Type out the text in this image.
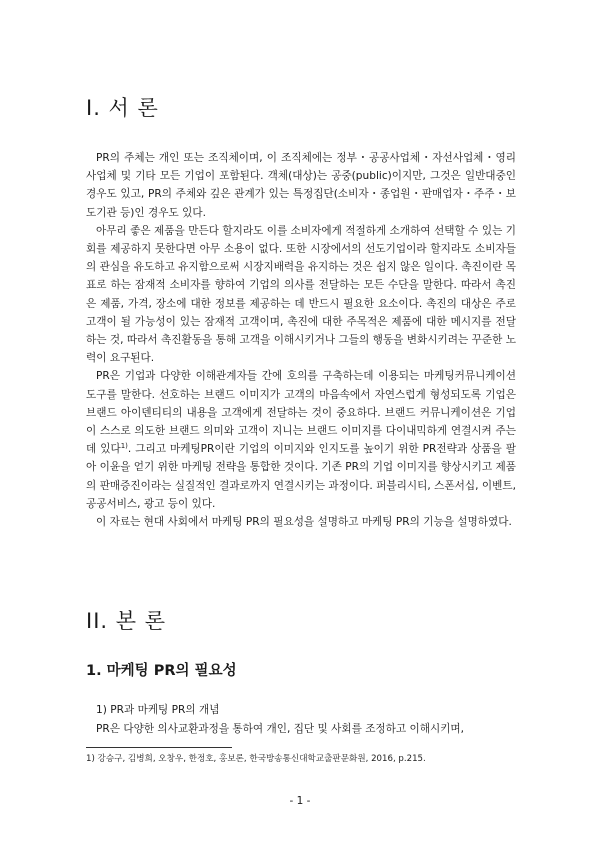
I. 서 론

PR의 주체는 개인 또는 조직체이며, 이 조직체에는 정부・공공사업체・자선사업체・영리사업체 및 기타 모든 기업이 포함된다. 객체(대상)는 공중(public)이지만, 그것은 일반대중인 경우도 있고, PR의 주체와 깊은 관계가 있는 특정집단(소비자・종업원・판매업자・주주・보도기관 등)인 경우도 있다.

아무리 좋은 제품을 만든다 할지라도 이를 소비자에게 적절하게 소개하여 선택할 수 있는 기회를 제공하지 못한다면 아무 소용이 없다. 또한 시장에서의 선도기업이라 할지라도 소비자들의 관심을 유도하고 유지함으로써 시장지배력을 유지하는 것은 쉽지 않은 일이다. 촉진이란 목표로 하는 잠재적 소비자를 향하여 기업의 의사를 전달하는 모든 수단을 말한다. 따라서 촉진은 제품, 가격, 장소에 대한 정보를 제공하는 데 반드시 필요한 요소이다. 촉진의 대상은 주로 고객이 될 가능성이 있는 잠재적 고객이며, 촉진에 대한 주목적은 제품에 대한 메시지를 전달하는 것, 따라서 촉진활동을 통해 고객을 이해시키거나 그들의 행동을 변화시키려는 꾸준한 노력이 요구된다.

PR은 기업과 다양한 이해관계자들 간에 호의를 구축하는데 이용되는 마케팅커뮤니케이션 도구를 말한다. 선호하는 브랜드 이미지가 고객의 마음속에서 자연스럽게 형성되도록 기업은 브랜드 아이덴티티의 내용을 고객에게 전달하는 것이 중요하다. 브랜드 커뮤니케이션은 기업이 스스로 의도한 브랜드 의미와 고객이 지니는 브랜드 이미지를 다이내믹하게 연결시켜 주는 데 있다$^{1)}$. 그리고 마케팅PR이란 기업의 이미지와 인지도를 높이기 위한 PR전략과 상품을 팔아 이윤을 얻기 위한 마케팅 전략을 통합한 것이다. 기존 PR의 기업 이미지를 향상시키고 제품의 판매증진이라는 실질적인 결과로까지 연결시키는 과정이다. 퍼블리시티, 스폰서십, 이벤트, 공공서비스, 광고 등이 있다.

이 자료는 현대 사회에서 마케팅 PR의 필요성을 설명하고 마케팅 PR의 기능을 설명하였다.

II. 본 론
1. 마케팅 PR의 필요성
1) PR과 마케팅 PR의 개념
PR은 다양한 의사교환과정을 통하여 개인, 집단 및 사회를 조정하고 이해시키며,
1) 강승구, 김병희, 오창우, 한정호, 홍보론, 한국방송통신대학교출판문화원, 2016, p.215.
- 1 -
